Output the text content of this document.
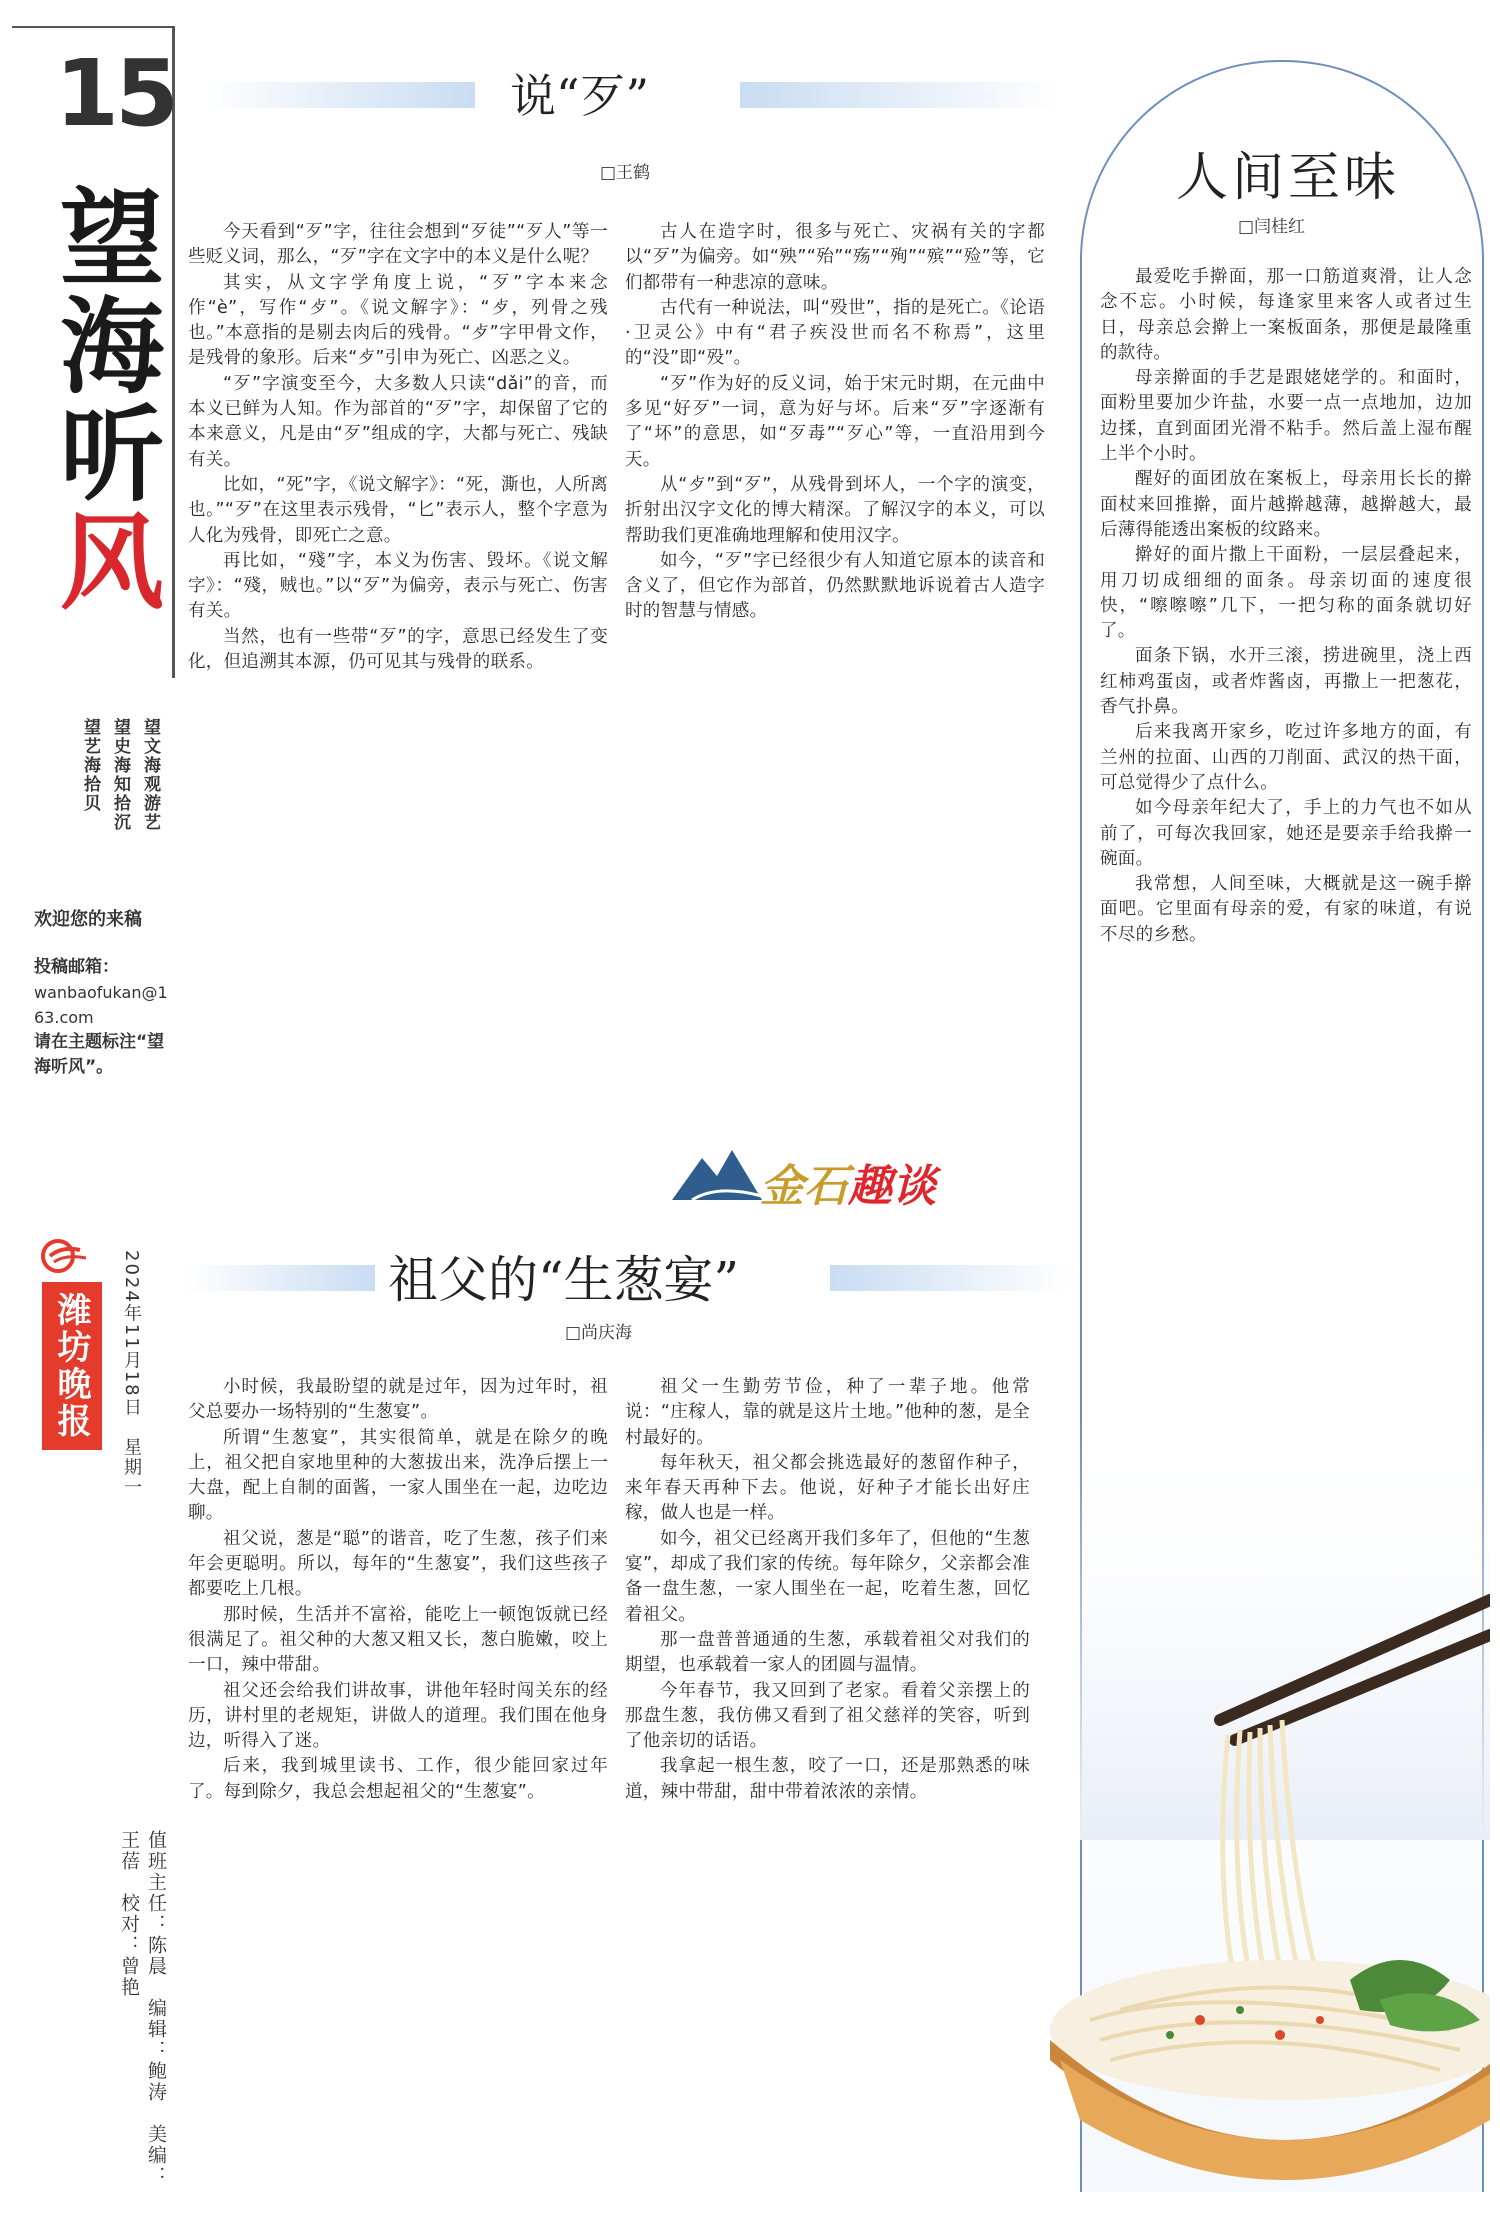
15
望
海
听
风
望文海观游艺
望史海知拾沉
望艺海拾贝
欢迎您的来稿
投稿邮箱：
wanbaofukan@163.com
请在主题标注“望海听风”。
潍坊晚报	2024年11月18日　星期一
值班主任：陈晨　编辑：鲍涛　美编：王蓓　校对：曾艳
说“歹”
□王鹤

今天看到“歹”字，往往会想到“歹徒”“歹人”等一些贬义词，那么，“歹”字在文字中的本义是什么呢？

其实，从文字学角度上说，“歹”字本来念作“è”，写作“歺”。《说文解字》：“歺，列骨之残也。”本意指的是剔去肉后的残骨。“歺”字甲骨文作，是残骨的象形。后来“歺”引申为死亡、凶恶之义。

“歹”字演变至今，大多数人只读“dǎi”的音，而本义已鲜为人知。作为部首的“歹”字，却保留了它的本来意义，凡是由“歹”组成的字，大都与死亡、残缺有关。

比如，“死”字，《说文解字》：“死，澌也，人所离也。”“歹”在这里表示残骨，“匕”表示人，整个字意为人化为残骨，即死亡之意。

再比如，“殘”字，本义为伤害、毁坏。《说文解字》：“殘，贼也。”以“歹”为偏旁，表示与死亡、伤害有关。

当然，也有一些带“歹”的字，意思已经发生了变化，但追溯其本源，仍可见其与残骨的联系。

古人在造字时，很多与死亡、灾祸有关的字都以“歹”为偏旁。如“殃”“殆”“殇”“殉”“殡”“殓”等，它们都带有一种悲凉的意味。

古代有一种说法，叫“殁世”，指的是死亡。《论语·卫灵公》中有“君子疾没世而名不称焉”，这里的“没”即“殁”。

“歹”作为好的反义词，始于宋元时期，在元曲中多见“好歹”一词，意为好与坏。后来“歹”字逐渐有了“坏”的意思，如“歹毒”“歹心”等，一直沿用到今天。

从“歺”到“歹”，从残骨到坏人，一个字的演变，折射出汉字文化的博大精深。了解汉字的本义，可以帮助我们更准确地理解和使用汉字。

如今，“歹”字已经很少有人知道它原本的读音和含义了，但它作为部首，仍然默默地诉说着古人造字时的智慧与情感。

金石趣谈
人间至味
□闫桂红

最爱吃手擀面，那一口筋道爽滑，让人念念不忘。小时候，每逢家里来客人或者过生日，母亲总会擀上一案板面条，那便是最隆重的款待。

母亲擀面的手艺是跟姥姥学的。和面时，面粉里要加少许盐，水要一点一点地加，边加边揉，直到面团光滑不粘手。然后盖上湿布醒上半个小时。

醒好的面团放在案板上，母亲用长长的擀面杖来回推擀，面片越擀越薄，越擀越大，最后薄得能透出案板的纹路来。

擀好的面片撒上干面粉，一层层叠起来，用刀切成细细的面条。母亲切面的速度很快，“嚓嚓嚓”几下，一把匀称的面条就切好了。

面条下锅，水开三滚，捞进碗里，浇上西红柿鸡蛋卤，或者炸酱卤，再撒上一把葱花，香气扑鼻。

后来我离开家乡，吃过许多地方的面，有兰州的拉面、山西的刀削面、武汉的热干面，可总觉得少了点什么。

如今母亲年纪大了，手上的力气也不如从前了，可每次我回家，她还是要亲手给我擀一碗面。

我常想，人间至味，大概就是这一碗手擀面吧。它里面有母亲的爱，有家的味道，有说不尽的乡愁。

祖父的“生葱宴”
□尚庆海

小时候，我最盼望的就是过年，因为过年时，祖父总要办一场特别的“生葱宴”。

所谓“生葱宴”，其实很简单，就是在除夕的晚上，祖父把自家地里种的大葱拔出来，洗净后摆上一大盘，配上自制的面酱，一家人围坐在一起，边吃边聊。

祖父说，葱是“聪”的谐音，吃了生葱，孩子们来年会更聪明。所以，每年的“生葱宴”，我们这些孩子都要吃上几根。

那时候，生活并不富裕，能吃上一顿饱饭就已经很满足了。祖父种的大葱又粗又长，葱白脆嫩，咬上一口，辣中带甜。

祖父还会给我们讲故事，讲他年轻时闯关东的经历，讲村里的老规矩，讲做人的道理。我们围在他身边，听得入了迷。

后来，我到城里读书、工作，很少能回家过年了。每到除夕，我总会想起祖父的“生葱宴”。

祖父一生勤劳节俭，种了一辈子地。他常说：“庄稼人，靠的就是这片土地。”他种的葱，是全村最好的。

每年秋天，祖父都会挑选最好的葱留作种子，来年春天再种下去。他说，好种子才能长出好庄稼，做人也是一样。

如今，祖父已经离开我们多年了，但他的“生葱宴”，却成了我们家的传统。每年除夕，父亲都会准备一盘生葱，一家人围坐在一起，吃着生葱，回忆着祖父。

那一盘普普通通的生葱，承载着祖父对我们的期望，也承载着一家人的团圆与温情。

今年春节，我又回到了老家。看着父亲摆上的那盘生葱，我仿佛又看到了祖父慈祥的笑容，听到了他亲切的话语。

我拿起一根生葱，咬了一口，还是那熟悉的味道，辣中带甜，甜中带着浓浓的亲情。
